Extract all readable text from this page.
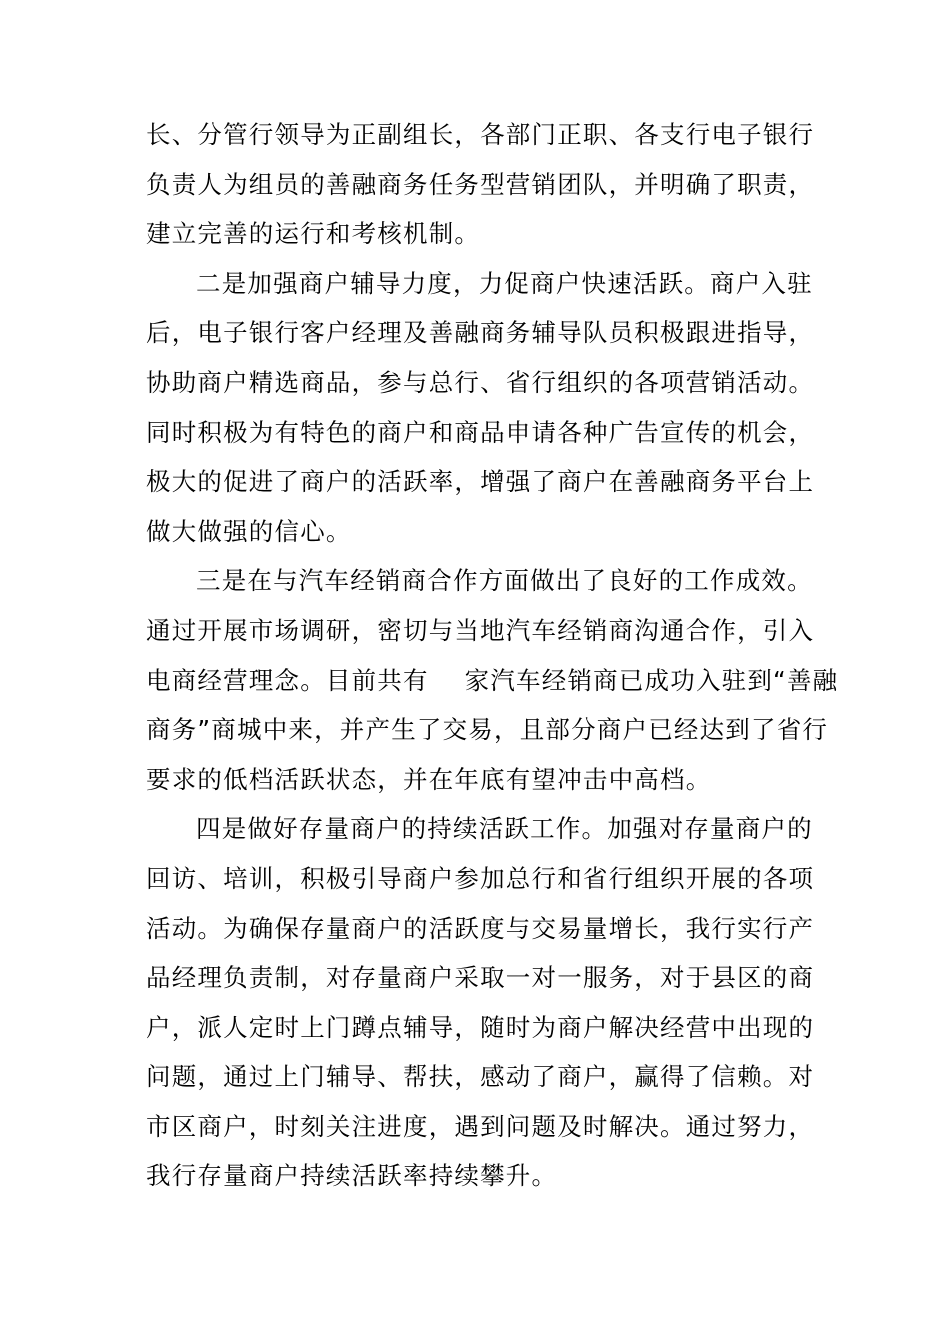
长、分管行领导为正副组长，各部门正职、各支行电子银行
负责人为组员的善融商务任务型营销团队，并明确了职责，
建立完善的运行和考核机制。
二是加强商户辅导力度，力促商户快速活跃。商户入驻
后，电子银行客户经理及善融商务辅导队员积极跟进指导，
协助商户精选商品，参与总行、省行组织的各项营销活动。
同时积极为有特色的商户和商品申请各种广告宣传的机会，
极大的促进了商户的活跃率，增强了商户在善融商务平台上
做大做强的信心。
三是在与汽车经销商合作方面做出了良好的工作成效。
通过开展市场调研，密切与当地汽车经销商沟通合作，引入
电商经营理念。目前共有    家汽车经销商已成功入驻到“善融
商务”商城中来，并产生了交易，且部分商户已经达到了省行
要求的低档活跃状态，并在年底有望冲击中高档。
四是做好存量商户的持续活跃工作。加强对存量商户的
回访、培训，积极引导商户参加总行和省行组织开展的各项
活动。为确保存量商户的活跃度与交易量增长，我行实行产
品经理负责制，对存量商户采取一对一服务，对于县区的商
户，派人定时上门蹲点辅导，随时为商户解决经营中出现的
问题，通过上门辅导、帮扶，感动了商户，赢得了信赖。对
市区商户，时刻关注进度，遇到问题及时解决。通过努力，
我行存量商户持续活跃率持续攀升。
